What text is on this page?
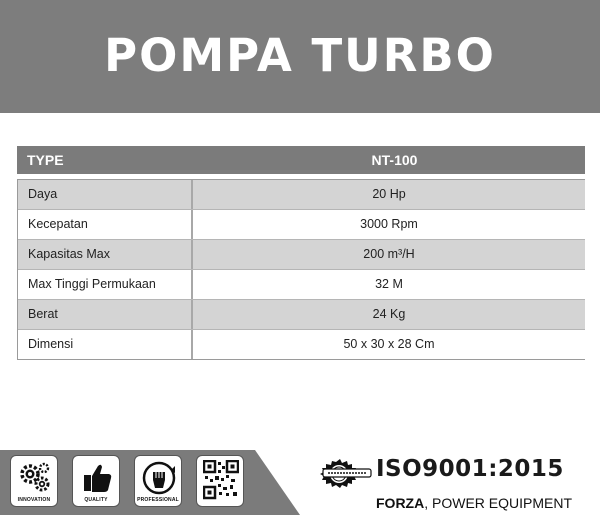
POMPA TURBO
TYPE	NT-100
Daya	20 Hp
Kecepatan	3000 Rpm
Kapasitas Max	200 m³/H
Max Tinggi Permukaan	32 M
Berat	24 Kg
Dimensi	50 x 30 x 28 Cm
INNOVATION	QUALITY	PROFESSIONAL
ISO9001:2015
FORZA, POWER EQUIPMENT
